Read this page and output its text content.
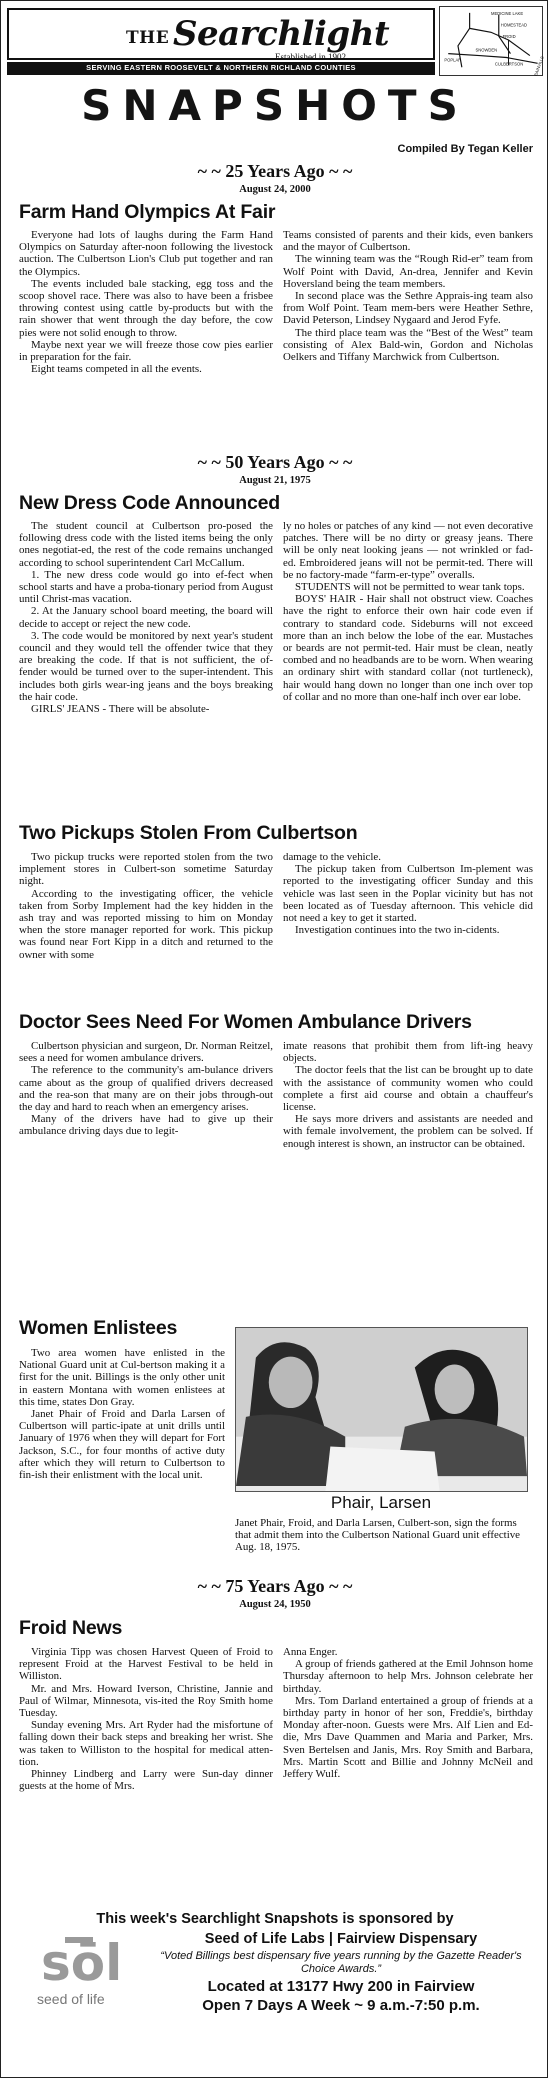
THE Searchlight
Established in 1902
SERVING EASTERN ROOSEVELT & NORTHERN RICHLAND COUNTIES
MEDICINE LAKE
HOMESTEAD
FROID
BAINVILLE
SNOWDEN
CULBERTSON
POPLAR
SNAPSHOTS
Compiled By Tegan Keller
~ ~ 25 Years Ago ~ ~
August 24, 2000
Farm Hand Olympics At Fair

Everyone had lots of laughs during the Farm Hand Olympics on Saturday after-noon following the livestock auction. The Culbertson Lion's Club put together and ran the Olympics.

The events included bale stacking, egg toss and the scoop shovel race. There was also to have been a frisbee throwing contest using cattle by-products but with the rain shower that went through the day before, the cow pies were not solid enough to throw.

Maybe next year we will freeze those cow pies earlier in preparation for the fair.

Eight teams competed in all the events.

Teams consisted of parents and their kids, even bankers and the mayor of Culbertson.

The winning team was the “Rough Rid-er” team from Wolf Point with David, An-drea, Jennifer and Kevin Hoversland being the team members.

In second place was the Sethre Apprais-ing team also from Wolf Point. Team mem-bers were Heather Sethre, David Peterson, Lindsey Nygaard and Jerod Fyfe.

The third place team was the “Best of the West” team consisting of Alex Bald-win, Gordon and Nicholas Oelkers and Tiffany Marchwick from Culbertson.

~ ~ 50 Years Ago ~ ~
August 21, 1975
New Dress Code Announced

The student council at Culbertson pro-posed the following dress code with the listed items being the only ones negotiat-ed, the rest of the code remains unchanged according to school superintendent Carl McCallum.

1. The new dress code would go into ef-fect when school starts and have a proba-tionary period from August until Christ-mas vacation.

2. At the January school board meeting, the board will decide to accept or reject the new code.

3. The code would be monitored by next year's student council and they would tell the offender twice that they are breaking the code. If that is not sufficient, the of-fender would be turned over to the super-intendent. This includes both girls wear-ing jeans and the boys breaking the hair code.

GIRLS' JEANS - There will be absolute-

ly no holes or patches of any kind — not even decorative patches. There will be no dirty or greasy jeans. There will be only neat looking jeans — not wrinkled or fad-ed. Embroidered jeans will not be permit-ted. There will be no factory-made “farm-er-type” overalls.

STUDENTS will not be permitted to wear tank tops.

BOYS' HAIR - Hair shall not obstruct view. Coaches have the right to enforce their own hair code even if contrary to standard code. Sideburns will not exceed more than an inch below the lobe of the ear. Mustaches or beards are not permit-ted. Hair must be clean, neatly combed and no headbands are to be worn. When wearing an ordinary shirt with standard collar (not turtleneck), hair would hang down no longer than one inch over top of collar and no more than one-half inch over ear lobe.

Two Pickups Stolen From Culbertson

Two pickup trucks were reported stolen from the two implement stores in Culbert-son sometime Saturday night.

According to the investigating officer, the vehicle taken from Sorby Implement had the key hidden in the ash tray and was reported missing to him on Monday when the store manager reported for work. This pickup was found near Fort Kipp in a ditch and returned to the owner with some

damage to the vehicle.

The pickup taken from Culbertson Im-plement was reported to the investigating officer Sunday and this vehicle was last seen in the Poplar vicinity but has not been located as of Tuesday afternoon. This vehicle did not need a key to get it started.

Investigation continues into the two in-cidents.

Doctor Sees Need For Women Ambulance Drivers

Culbertson physician and surgeon, Dr. Norman Reitzel, sees a need for women ambulance drivers.

The reference to the community's am-bulance drivers came about as the group of qualified drivers decreased and the rea-son that many are on their jobs through-out the day and hard to reach when an emergency arises.

Many of the drivers have had to give up their ambulance driving days due to legit-

imate reasons that prohibit them from lift-ing heavy objects.

The doctor feels that the list can be brought up to date with the assistance of community women who could complete a first aid course and obtain a chauffeur's license.

He says more drivers and assistants are needed and with female involvement, the problem can be solved. If enough interest is shown, an instructor can be obtained.

Women Enlistees

Two area women have enlisted in the National Guard unit at Cul-bertson making it a first for the unit. Billings is the only other unit in eastern Montana with women enlistees at this time, states Don Gray.

Janet Phair of Froid and Darla Larsen of Culbertson will partic-ipate at unit drills until January of 1976 when they will depart for Fort Jackson, S.C., for four months of active duty after which they will return to Culbertson to fin-ish their enlistment with the local unit.

Phair, Larsen
Janet Phair, Froid, and Darla Larsen, Culbert-son, sign the forms that admit them into the Culbertson National Guard unit effective Aug. 18, 1975.
~ ~ 75 Years Ago ~ ~
August 24, 1950
Froid News

Virginia Tipp was chosen Harvest Queen of Froid to represent Froid at the Harvest Festival to be held in Williston.

Mr. and Mrs. Howard Iverson, Christine, Jannie and Paul of Wilmar, Minnesota, vis-ited the Roy Smith home Tuesday.

Sunday evening Mrs. Art Ryder had the misfortune of falling down their back steps and breaking her wrist. She was taken to Williston to the hospital for medical atten-tion.

Phinney Lindberg and Larry were Sun-day dinner guests at the home of Mrs.

Anna Enger.

A group of friends gathered at the Emil Johnson home Thursday afternoon to help Mrs. Johnson celebrate her birthday.

Mrs. Tom Darland entertained a group of friends at a birthday party in honor of her son, Freddie's, birthday Monday after-noon. Guests were Mrs. Alf Lien and Ed-die, Mrs Dave Quammen and Maria and Parker, Mrs. Sven Bertelsen and Janis, Mrs. Roy Smith and Barbara, Mrs. Martin Scott and Billie and Johnny McNeil and Jeffery Wulf.

This week's Searchlight Snapshots is sponsored by
sōl
seed of life
Seed of Life Labs | Fairview Dispensary
“Voted Billings best dispensary five years running by the Gazette Reader's Choice Awards.”
Located at 13177 Hwy 200 in Fairview
Open 7 Days A Week ~ 9 a.m.-7:50 p.m.
